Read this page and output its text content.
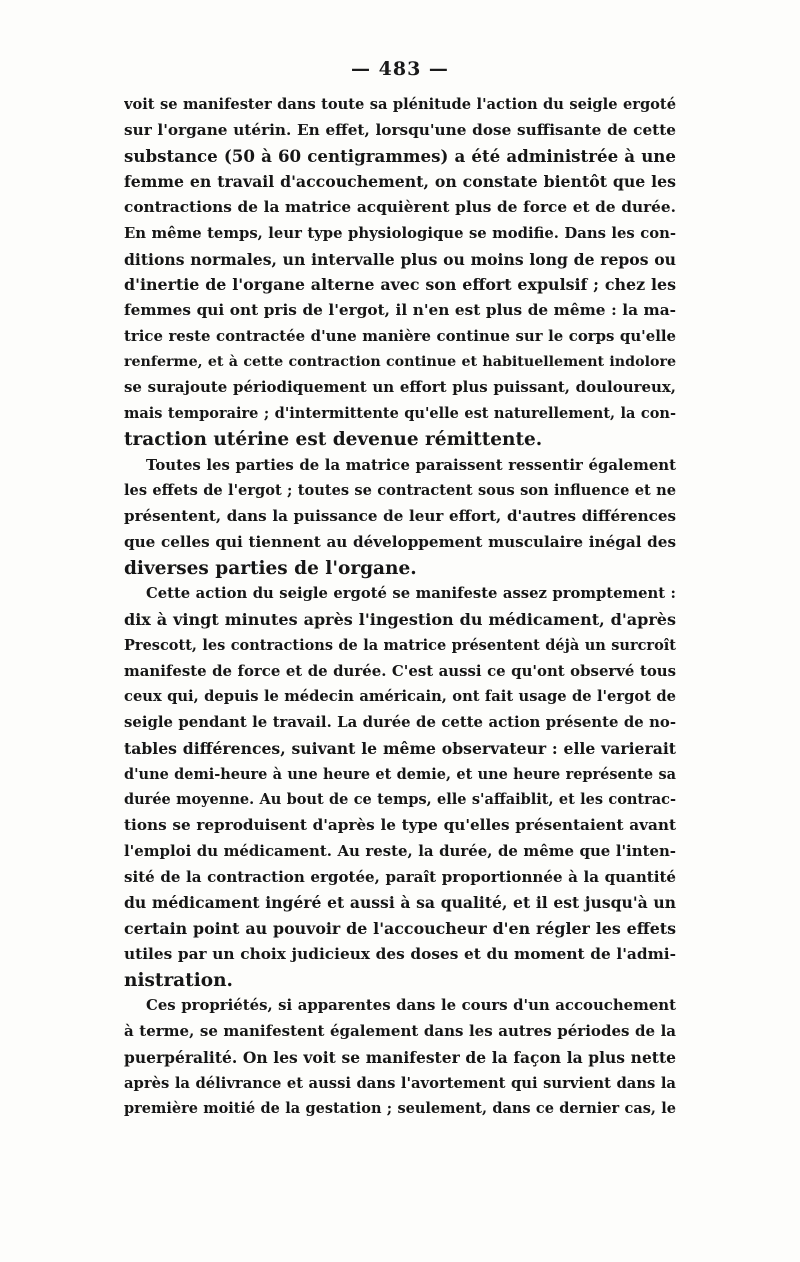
— 483 —
voit se manifester dans toute sa plénitude l'action du seigle ergoté
sur l'organe utérin. En effet, lorsqu'une dose suffisante de cette
substance (50 à 60 centigrammes) a été administrée à une
femme en travail d'accouchement, on constate bientôt que les
contractions de la matrice acquièrent plus de force et de durée.
En même temps, leur type physiologique se modifie. Dans les con-
ditions normales, un intervalle plus ou moins long de repos ou
d'inertie de l'organe alterne avec son effort expulsif ; chez les
femmes qui ont pris de l'ergot, il n'en est plus de même : la ma-
trice reste contractée d'une manière continue sur le corps qu'elle
renferme, et à cette contraction continue et habituellement indolore
se surajoute périodiquement un effort plus puissant, douloureux,
mais temporaire ; d'intermittente qu'elle est naturellement, la con-
traction utérine est devenue rémittente.
Toutes les parties de la matrice paraissent ressentir également
les effets de l'ergot ; toutes se contractent sous son influence et ne
présentent, dans la puissance de leur effort, d'autres différences
que celles qui tiennent au développement musculaire inégal des
diverses parties de l'organe.
Cette action du seigle ergoté se manifeste assez promptement :
dix à vingt minutes après l'ingestion du médicament, d'après
Prescott, les contractions de la matrice présentent déjà un surcroît
manifeste de force et de durée. C'est aussi ce qu'ont observé tous
ceux qui, depuis le médecin américain, ont fait usage de l'ergot de
seigle pendant le travail. La durée de cette action présente de no-
tables différences, suivant le même observateur : elle varierait
d'une demi-heure à une heure et demie, et une heure représente sa
durée moyenne. Au bout de ce temps, elle s'affaiblit, et les contrac-
tions se reproduisent d'après le type qu'elles présentaient avant
l'emploi du médicament. Au reste, la durée, de même que l'inten-
sité de la contraction ergotée, paraît proportionnée à la quantité
du médicament ingéré et aussi à sa qualité, et il est jusqu'à un
certain point au pouvoir de l'accoucheur d'en régler les effets
utiles par un choix judicieux des doses et du moment de l'admi-
nistration.
Ces propriétés, si apparentes dans le cours d'un accouchement
à terme, se manifestent également dans les autres périodes de la
puerpéralité. On les voit se manifester de la façon la plus nette
après la délivrance et aussi dans l'avortement qui survient dans la
première moitié de la gestation ; seulement, dans ce dernier cas, le
